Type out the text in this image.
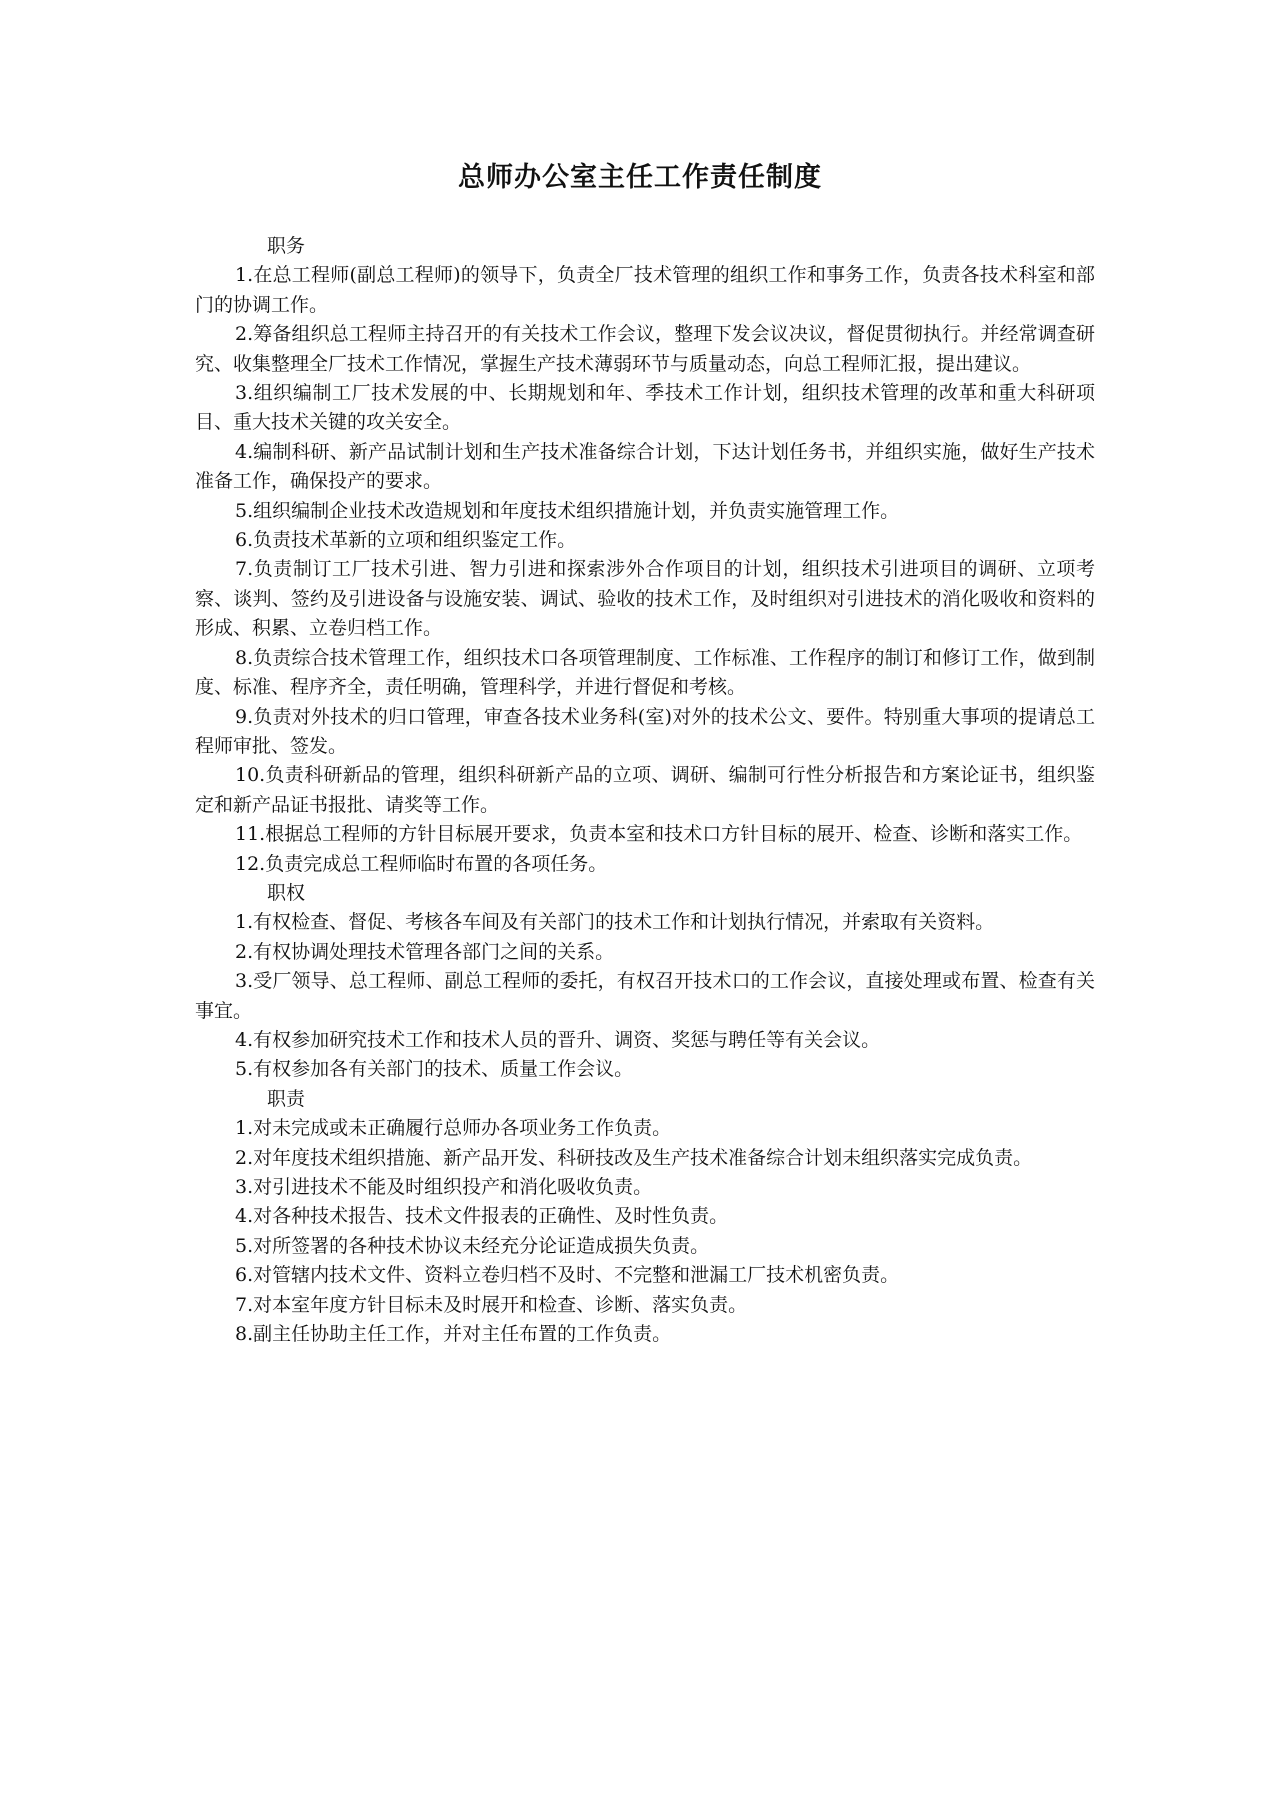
总师办公室主任工作责任制度
职务

1.在总工程师(副总工程师)的领导下，负责全厂技术管理的组织工作和事务工作，负责各技术科室和部门的协调工作。

2.筹备组织总工程师主持召开的有关技术工作会议，整理下发会议决议，督促贯彻执行。并经常调查研究、收集整理全厂技术工作情况，掌握生产技术薄弱环节与质量动态，向总工程师汇报，提出建议。

3.组织编制工厂技术发展的中、长期规划和年、季技术工作计划，组织技术管理的改革和重大科研项目、重大技术关键的攻关安全。

4.编制科研、新产品试制计划和生产技术准备综合计划，下达计划任务书，并组织实施，做好生产技术准备工作，确保投产的要求。

5.组织编制企业技术改造规划和年度技术组织措施计划，并负责实施管理工作。

6.负责技术革新的立项和组织鉴定工作。

7.负责制订工厂技术引进、智力引进和探索涉外合作项目的计划，组织技术引进项目的调研、立项考察、谈判、签约及引进设备与设施安装、调试、验收的技术工作，及时组织对引进技术的消化吸收和资料的形成、积累、立卷归档工作。

8.负责综合技术管理工作，组织技术口各项管理制度、工作标准、工作程序的制订和修订工作，做到制度、标准、程序齐全，责任明确，管理科学，并进行督促和考核。

9.负责对外技术的归口管理，审查各技术业务科(室)对外的技术公文、要件。特别重大事项的提请总工程师审批、签发。

10.负责科研新品的管理，组织科研新产品的立项、调研、编制可行性分析报告和方案论证书，组织鉴定和新产品证书报批、请奖等工作。

11.根据总工程师的方针目标展开要求，负责本室和技术口方针目标的展开、检查、诊断和落实工作。

12.负责完成总工程师临时布置的各项任务。

职权

1.有权检查、督促、考核各车间及有关部门的技术工作和计划执行情况，并索取有关资料。

2.有权协调处理技术管理各部门之间的关系。

3.受厂领导、总工程师、副总工程师的委托，有权召开技术口的工作会议，直接处理或布置、检查有关事宜。

4.有权参加研究技术工作和技术人员的晋升、调资、奖惩与聘任等有关会议。

5.有权参加各有关部门的技术、质量工作会议。

职责

1.对未完成或未正确履行总师办各项业务工作负责。

2.对年度技术组织措施、新产品开发、科研技改及生产技术准备综合计划未组织落实完成负责。

3.对引进技术不能及时组织投产和消化吸收负责。

4.对各种技术报告、技术文件报表的正确性、及时性负责。

5.对所签署的各种技术协议未经充分论证造成损失负责。

6.对管辖内技术文件、资料立卷归档不及时、不完整和泄漏工厂技术机密负责。

7.对本室年度方针目标未及时展开和检查、诊断、落实负责。

8.副主任协助主任工作，并对主任布置的工作负责。
